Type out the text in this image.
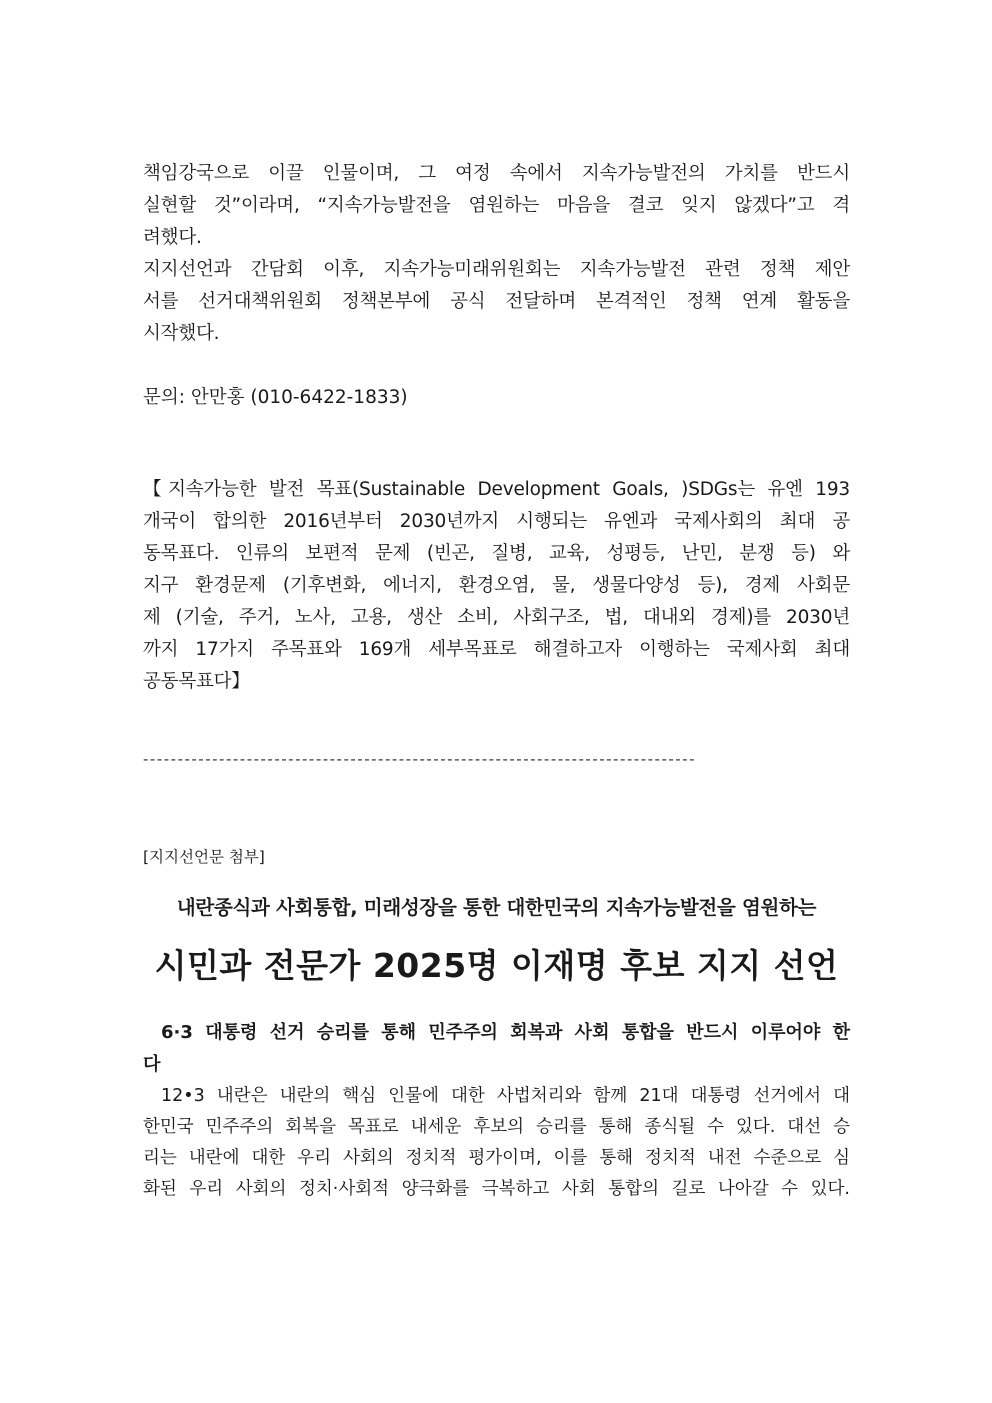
책임강국으로 이끌 인물이며, 그 여정 속에서 지속가능발전의 가치를 반드시
실현할 것”이라며, “지속가능발전을 염원하는 마음을 결코 잊지 않겠다”고 격
려했다.
지지선언과 간담회 이후, 지속가능미래위원회는 지속가능발전 관련 정책 제안
서를 선거대책위원회 정책본부에 공식 전달하며 본격적인 정책 연계 활동을
시작했다.
문의: 안만홍 (010-6422-1833)
【지속가능한 발전 목표(Sustainable Development Goals, )SDGs는 유엔 193
개국이 합의한 2016년부터 2030년까지 시행되는 유엔과 국제사회의 최대 공
동목표다. 인류의 보편적 문제 (빈곤, 질병, 교육, 성평등, 난민, 분쟁 등) 와
지구 환경문제 (기후변화, 에너지, 환경오염, 물, 생물다양성 등), 경제 사회문
제 (기술, 주거, 노사, 고용, 생산 소비, 사회구조, 법, 대내외 경제)를 2030년
까지 17가지 주목표와 169개 세부목표로 해결하고자 이행하는 국제사회 최대
공동목표다】
--------------------------------------------------------------------------------
[지지선언문 첨부]
내란종식과 사회통합, 미래성장을 통한 대한민국의 지속가능발전을 염원하는
시민과 전문가 2025명 이재명 후보 지지 선언
6·3 대통령 선거 승리를 통해 민주주의 회복과 사회 통합을 반드시 이루어야 한
다
12•3 내란은 내란의 핵심 인물에 대한 사법처리와 함께 21대 대통령 선거에서 대
한민국 민주주의 회복을 목표로 내세운 후보의 승리를 통해 종식될 수 있다. 대선 승
리는 내란에 대한 우리 사회의 정치적 평가이며, 이를 통해 정치적 내전 수준으로 심
화된 우리 사회의 정치·사회적 양극화를 극복하고 사회 통합의 길로 나아갈 수 있다.
